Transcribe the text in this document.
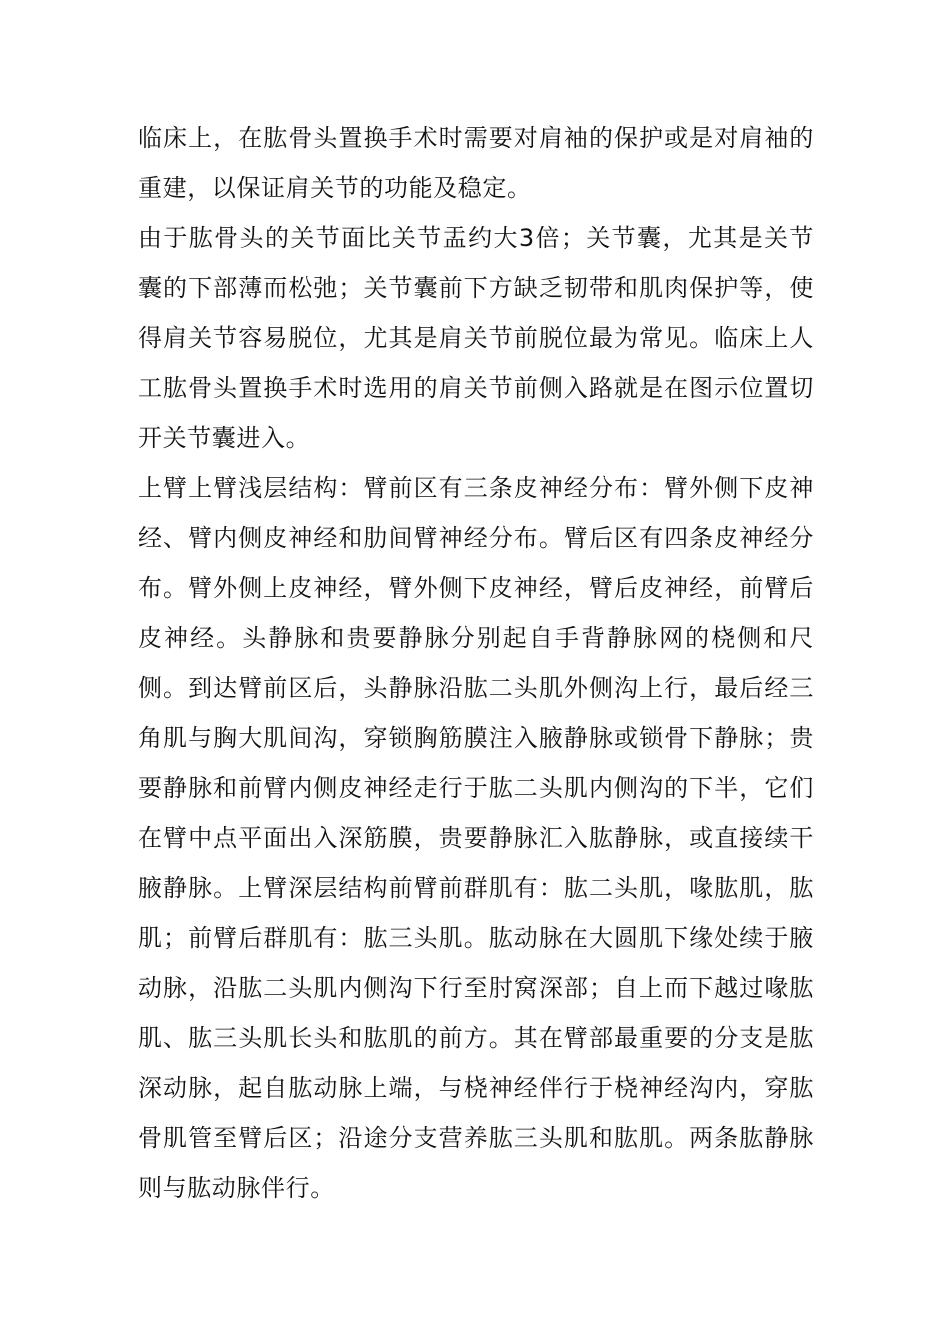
临床上，在肱骨头置换手术时需要对肩袖的保护或是对肩袖的重建，以保证肩关节的功能及稳定。

由于肱骨头的关节面比关节盂约大3倍；关节囊，尤其是关节囊的下部薄而松弛；关节囊前下方缺乏韧带和肌肉保护等，使得肩关节容易脱位，尤其是肩关节前脱位最为常见。临床上人工肱骨头置换手术时选用的肩关节前侧入路就是在图示位置切开关节囊进入。

上臂上臂浅层结构：臂前区有三条皮神经分布：臂外侧下皮神经、臂内侧皮神经和肋间臂神经分布。臂后区有四条皮神经分布。臂外侧上皮神经，臂外侧下皮神经，臂后皮神经，前臂后皮神经。头静脉和贵要静脉分别起自手背静脉网的桡侧和尺侧。到达臂前区后，头静脉沿肱二头肌外侧沟上行，最后经三角肌与胸大肌间沟，穿锁胸筋膜注入腋静脉或锁骨下静脉；贵要静脉和前臂内侧皮神经走行于肱二头肌内侧沟的下半，它们在臂中点平面出入深筋膜，贵要静脉汇入肱静脉，或直接续干腋静脉。上臂深层结构前臂前群肌有：肱二头肌，喙肱肌，肱肌；前臂后群肌有：肱三头肌。肱动脉在大圆肌下缘处续于腋动脉，沿肱二头肌内侧沟下行至肘窝深部；自上而下越过喙肱肌、肱三头肌长头和肱肌的前方。其在臂部最重要的分支是肱深动脉，起自肱动脉上端，与桡神经伴行于桡神经沟内，穿肱骨肌管至臂后区；沿途分支营养肱三头肌和肱肌。两条肱静脉则与肱动脉伴行。
